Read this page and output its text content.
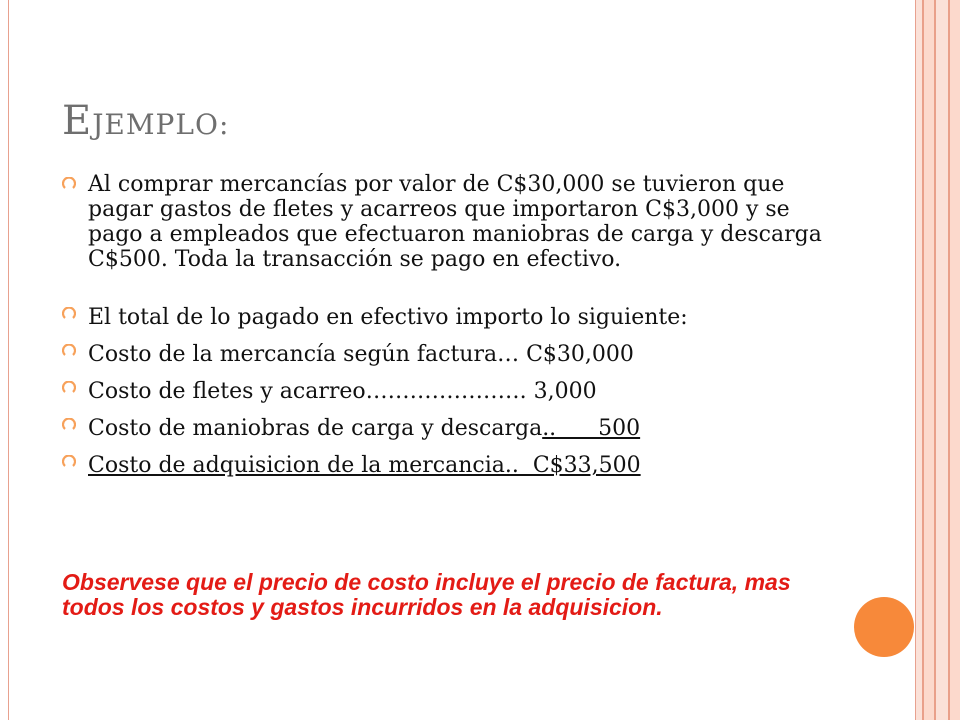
EJEMPLO:
Al comprar mercancías por valor de C$30,000 se tuvieron que pagar gastos de fletes y acarreos que importaron C$3,000 y se pago a empleados que efectuaron maniobras de carga y descarga C$500. Toda la transacción se pago en efectivo.
El total de lo pagado en efectivo importo lo siguiente:
Costo de la mercancía según factura… C$30,000
Costo de fletes y acarreo…………………. 3,000
Costo de maniobras de carga y descarga..      500
Costo de adquisicion de la mercancia..  C$33,500
Observese que el precio de costo incluye el precio de factura, mas todos los costos y gastos incurridos en la adquisicion.
